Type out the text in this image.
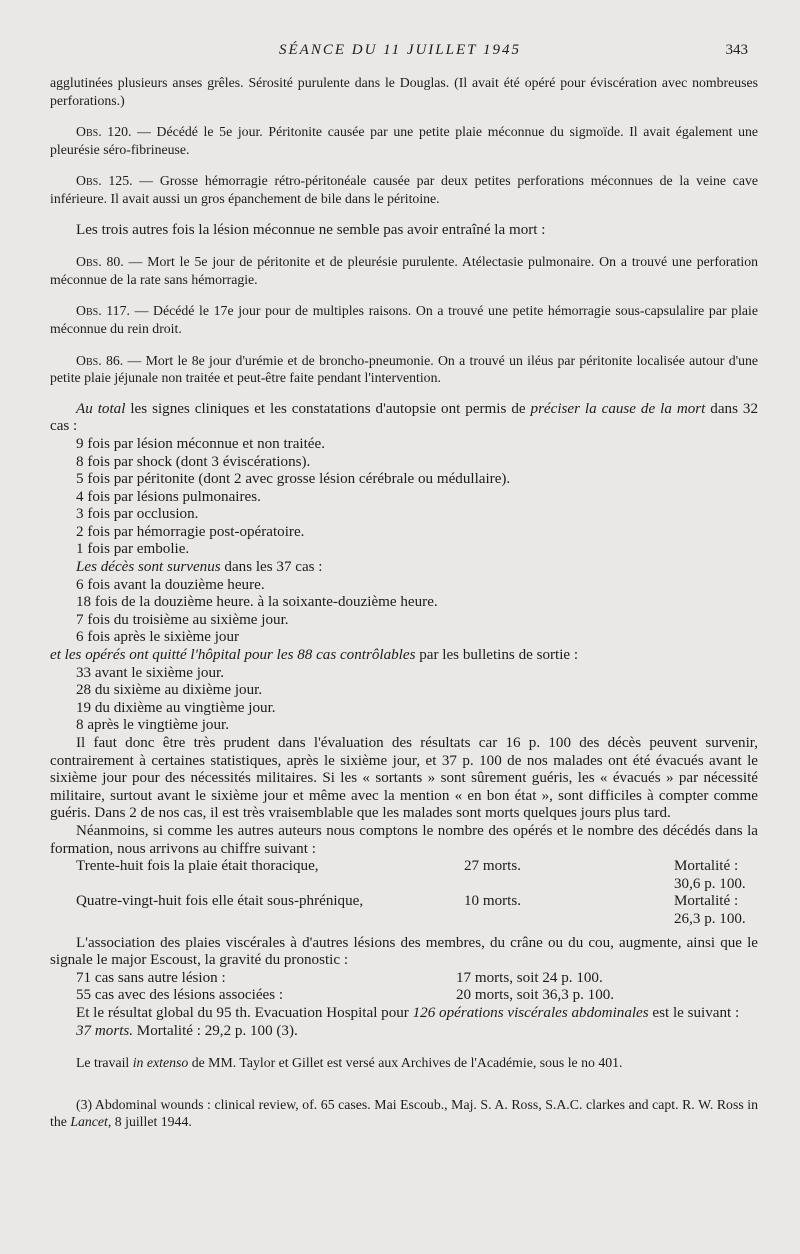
SÉANCE DU 11 JUILLET 1945	343

agglutinées plusieurs anses grêles. Sérosité purulente dans le Douglas. (Il avait été opéré pour éviscération avec nombreuses perforations.)

Obs. 120. — Décédé le 5e jour. Péritonite causée par une petite plaie méconnue du sigmoïde. Il avait également une pleurésie séro-fibrineuse.

Obs. 125. — Grosse hémorragie rétro-péritonéale causée par deux petites perforations méconnues de la veine cave inférieure. Il avait aussi un gros épanchement de bile dans le péritoine.

Les trois autres fois la lésion méconnue ne semble pas avoir entraîné la mort :

Obs. 80. — Mort le 5e jour de péritonite et de pleurésie purulente. Atélectasie pulmonaire. On a trouvé une perforation méconnue de la rate sans hémorragie.

Obs. 117. — Décédé le 17e jour pour de multiples raisons. On a trouvé une petite hémorragie sous-capsulalire par plaie méconnue du rein droit.

Obs. 86. — Mort le 8e jour d'urémie et de broncho-pneumonie. On a trouvé un iléus par péritonite localisée autour d'une petite plaie jéjunale non traitée et peut-être faite pendant l'intervention.

Au total les signes cliniques et les constatations d'autopsie ont permis de préciser la cause de la mort dans 32 cas :

9 fois par lésion méconnue et non traitée.
8 fois par shock (dont 3 éviscérations).
5 fois par péritonite (dont 2 avec grosse lésion cérébrale ou médullaire).
4 fois par lésions pulmonaires.
3 fois par occlusion.
2 fois par hémorragie post-opératoire.
1 fois par embolie.

Les décès sont survenus dans les 37 cas :

6 fois avant la douzième heure.
18 fois de la douzième heure. à la soixante-douzième heure.
7 fois du troisième au sixième jour.
6 fois après le sixième jour

et les opérés ont quitté l'hôpital pour les 88 cas contrôlables par les bulletins de sortie :

33 avant le sixième jour.
28 du sixième au dixième jour.
19 du dixième au vingtième jour.
8 après le vingtième jour.

Il faut donc être très prudent dans l'évaluation des résultats car 16 p. 100 des décès peuvent survenir, contrairement à certaines statistiques, après le sixième jour, et 37 p. 100 de nos malades ont été évacués avant le sixième jour pour des nécessités militaires. Si les « sortants » sont sûrement guéris, les « évacués » par nécessité militaire, surtout avant le sixième jour et même avec la mention « en bon état », sont difficiles à compter comme guéris. Dans 2 de nos cas, il est très vraisemblable que les malades sont morts quelques jours plus tard.

Néanmoins, si comme les autres auteurs nous comptons le nombre des opérés et le nombre des décédés dans la formation, nous arrivons au chiffre suivant :

Trente-huit fois la plaie était thoracique,	27 morts.	Mortalité : 30,6 p. 100.
Quatre-vingt-huit fois elle était sous-phrénique,	10 morts.	Mortalité : 26,3 p. 100.

L'association des plaies viscérales à d'autres lésions des membres, du crâne ou du cou, augmente, ainsi que le signale le major Escoust, la gravité du pronostic :

71 cas sans autre lésion :	17 morts, soit 24 p. 100.
55 cas avec des lésions associées :	20 morts, soit 36,3 p. 100.

Et le résultat global du 95 th. Evacuation Hospital pour 126 opérations viscérales abdominales est le suivant :

37 morts. Mortalité : 29,2 p. 100 (3).

Le travail in extenso de MM. Taylor et Gillet est versé aux Archives de l'Académie, sous le no 401.

(3) Abdominal wounds : clinical review, of. 65 cases. Mai Escoub., Maj. S. A. Ross, S.A.C. clarkes and capt. R. W. Ross in the Lancet, 8 juillet 1944.
